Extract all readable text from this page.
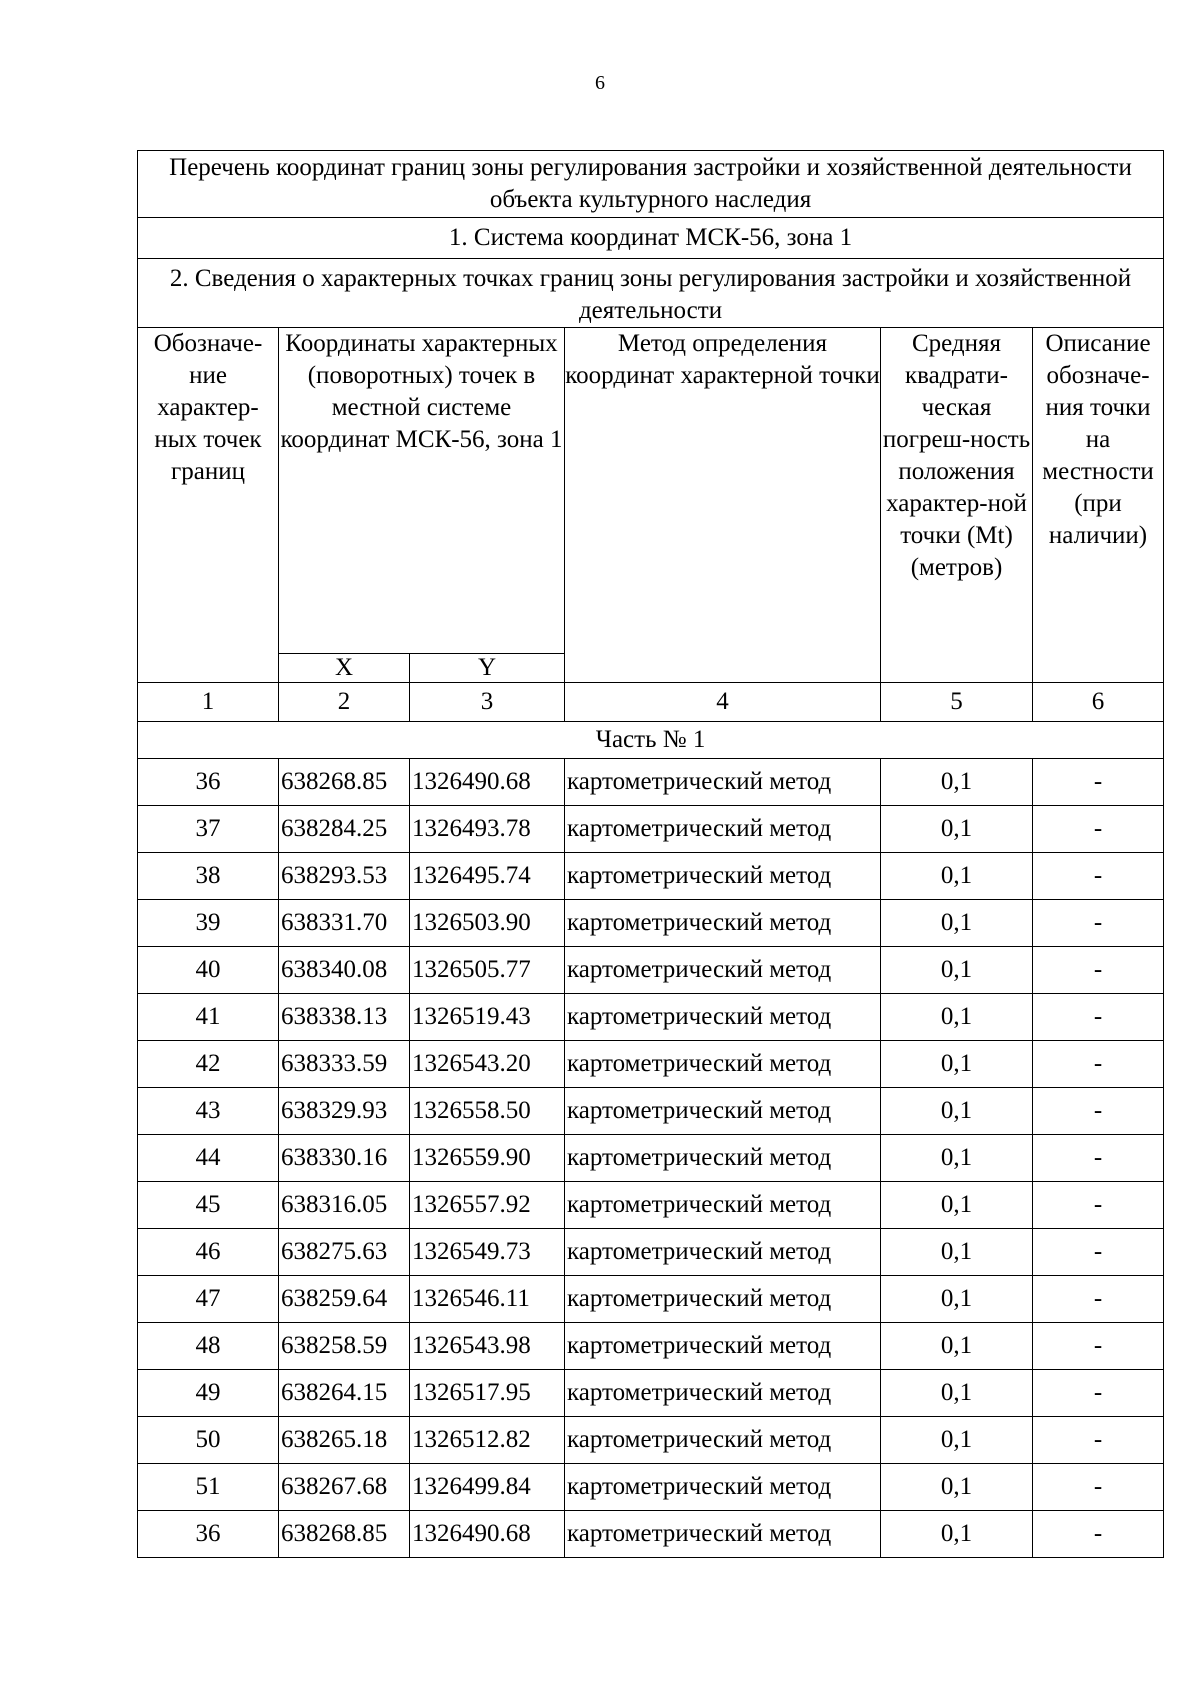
6
Перечень координат границ зоны регулирования застройки и хозяйственной деятельности объекта культурного наследия					
1. Система координат МСК-56, зона 1					
2. Сведения о характерных точках границ зоны регулирования застройки и хозяйственной деятельности					
Обозначе-ние характер-ных точек границ	Координаты характерных (поворотных) точек в местной системе координат МСК-56, зона 1		Метод определения координат характерной точки	Средняя квадрати-ческая погреш-ность положения характер-ной точки (Mt) (метров)	Описание обозначе-ния точки на местности (при наличии)
	X	Y			
1	2	3	4	5	6
Часть № 1					
36	638268.85	1326490.68	картометрический метод	0,1	-
37	638284.25	1326493.78	картометрический метод	0,1	-
38	638293.53	1326495.74	картометрический метод	0,1	-
39	638331.70	1326503.90	картометрический метод	0,1	-
40	638340.08	1326505.77	картометрический метод	0,1	-
41	638338.13	1326519.43	картометрический метод	0,1	-
42	638333.59	1326543.20	картометрический метод	0,1	-
43	638329.93	1326558.50	картометрический метод	0,1	-
44	638330.16	1326559.90	картометрический метод	0,1	-
45	638316.05	1326557.92	картометрический метод	0,1	-
46	638275.63	1326549.73	картометрический метод	0,1	-
47	638259.64	1326546.11	картометрический метод	0,1	-
48	638258.59	1326543.98	картометрический метод	0,1	-
49	638264.15	1326517.95	картометрический метод	0,1	-
50	638265.18	1326512.82	картометрический метод	0,1	-
51	638267.68	1326499.84	картометрический метод	0,1	-
36	638268.85	1326490.68	картометрический метод	0,1	-
